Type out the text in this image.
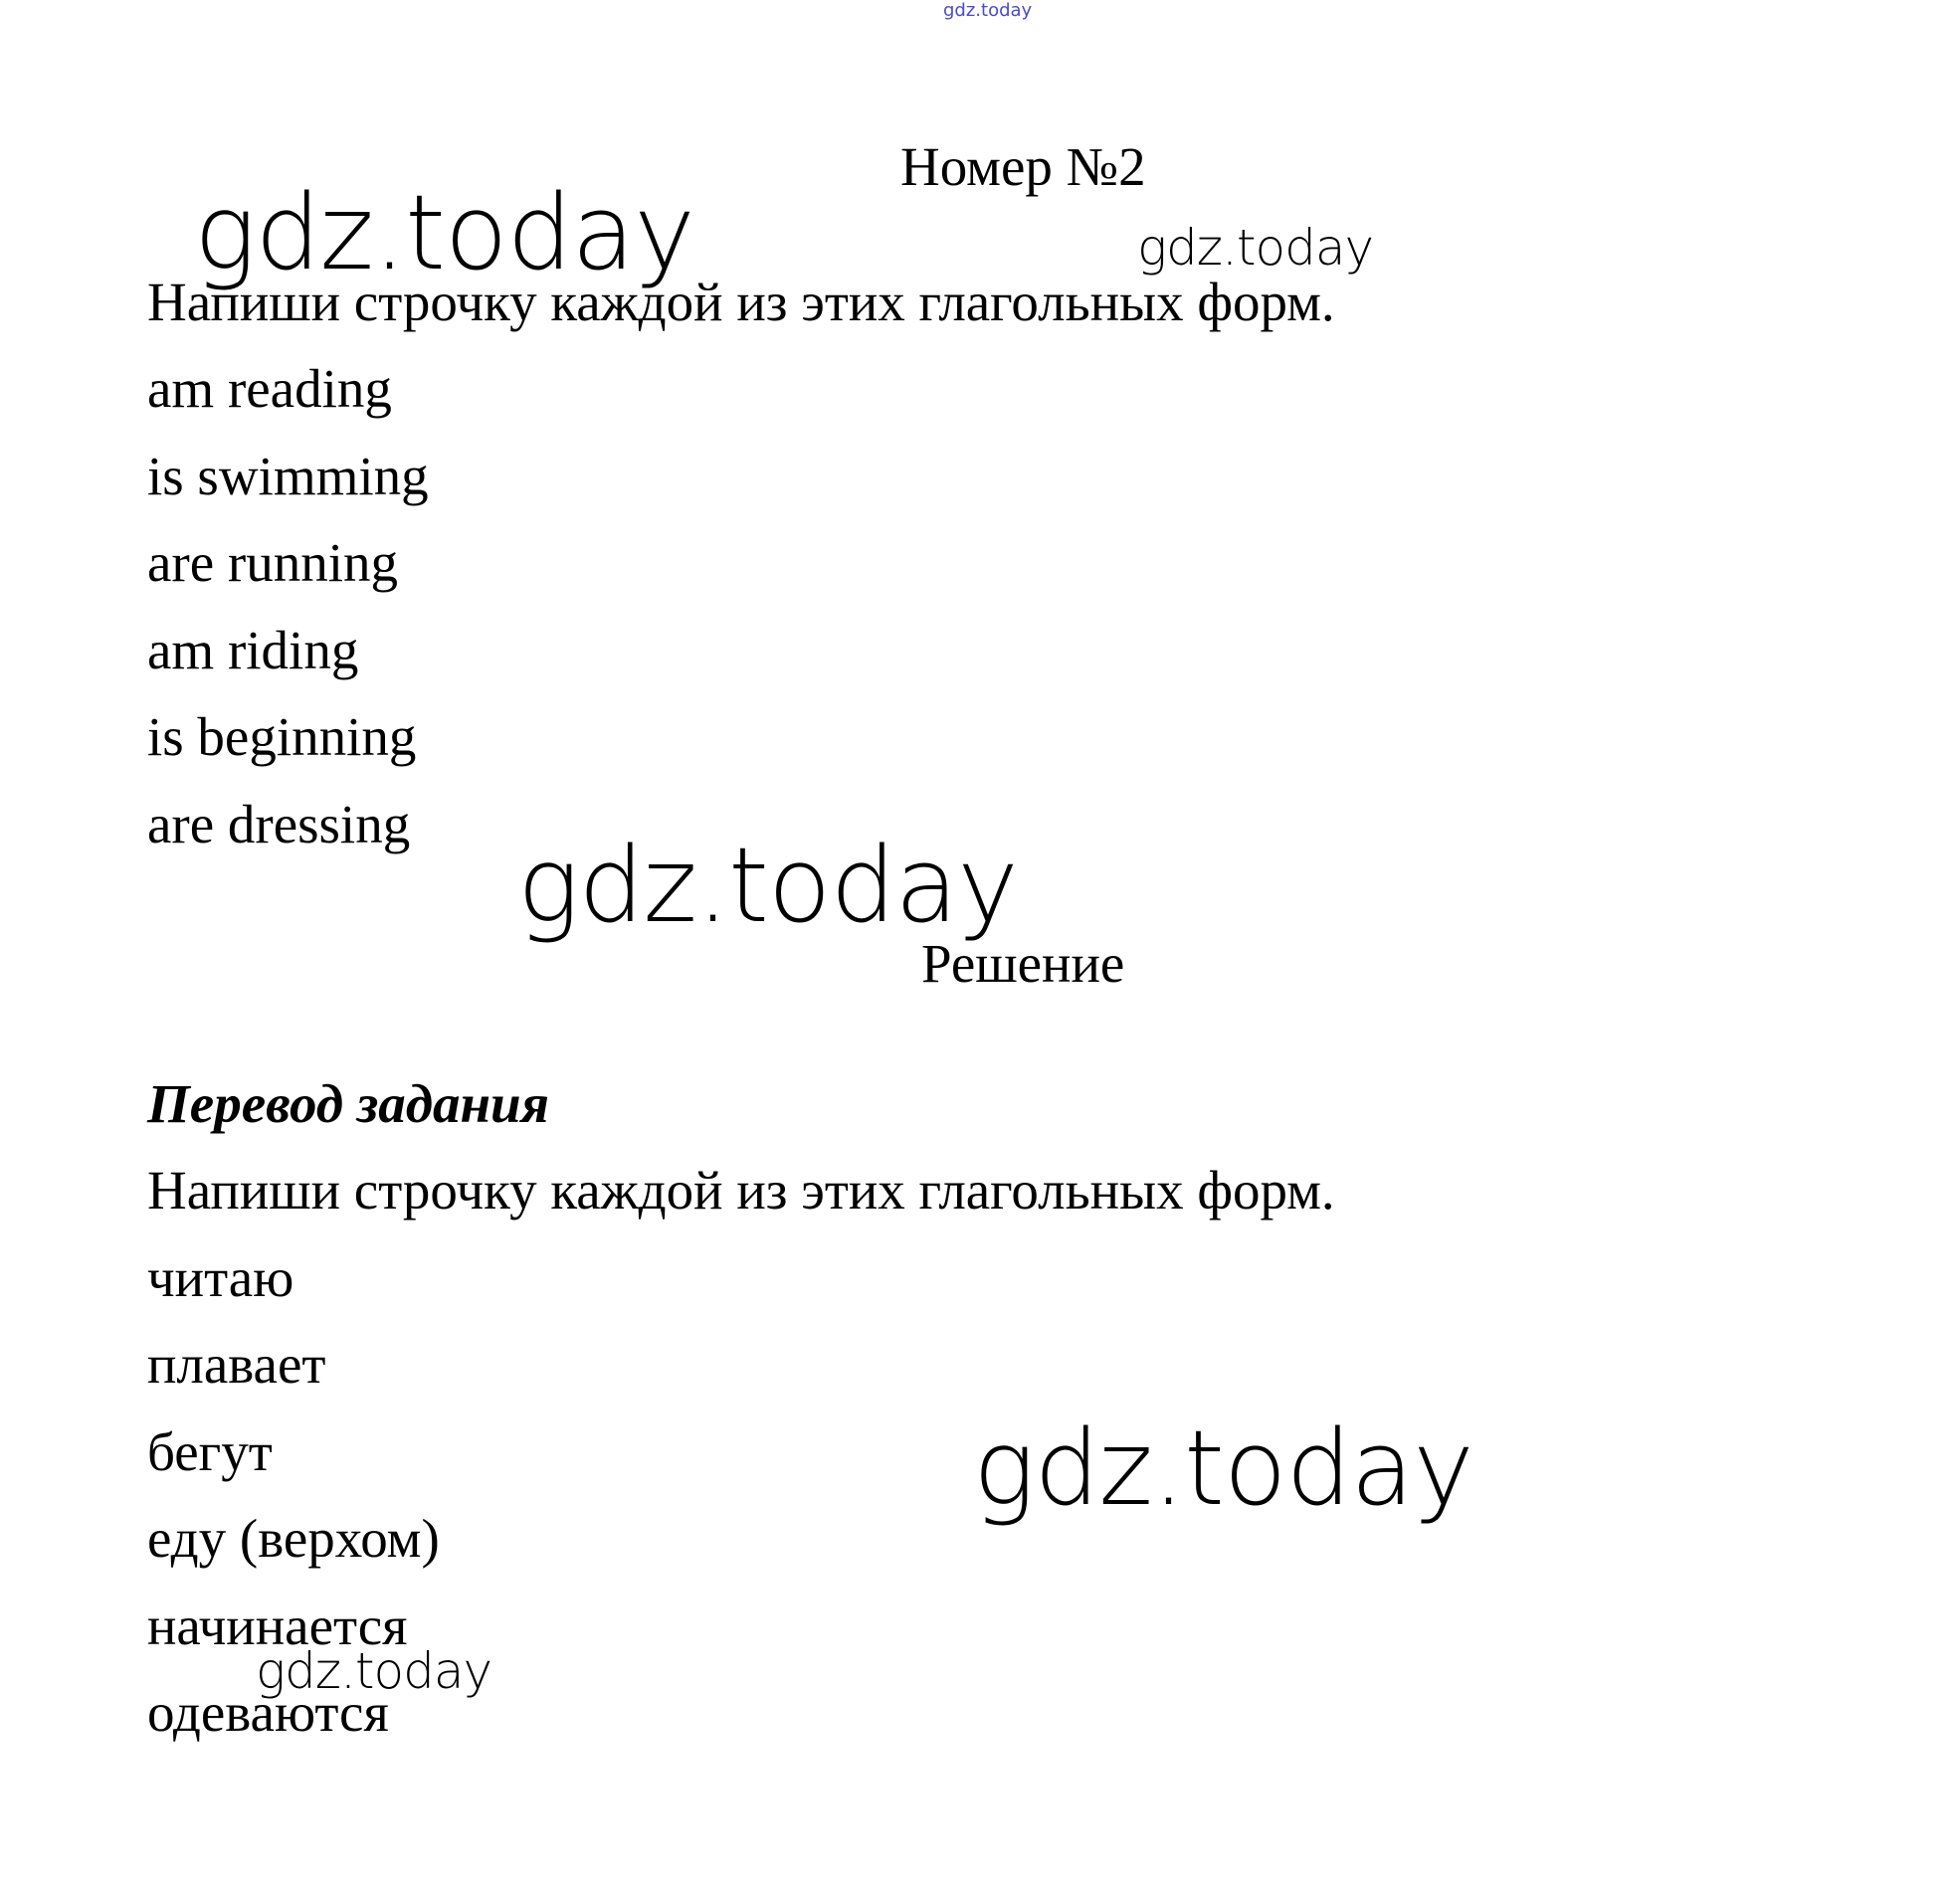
gdz.today
Номер №2
gdz.today	gdz.today
Напиши строчку каждой из этих глагольных форм.
am reading
is swimming
are running
am riding
is beginning
are dressing
gdz.today
Решение
Перевод задания
Напиши строчку каждой из этих глагольных форм.
читаю
плавает
бегут
еду (верхом)
начинается
одеваются
gdz.today
gdz.today
